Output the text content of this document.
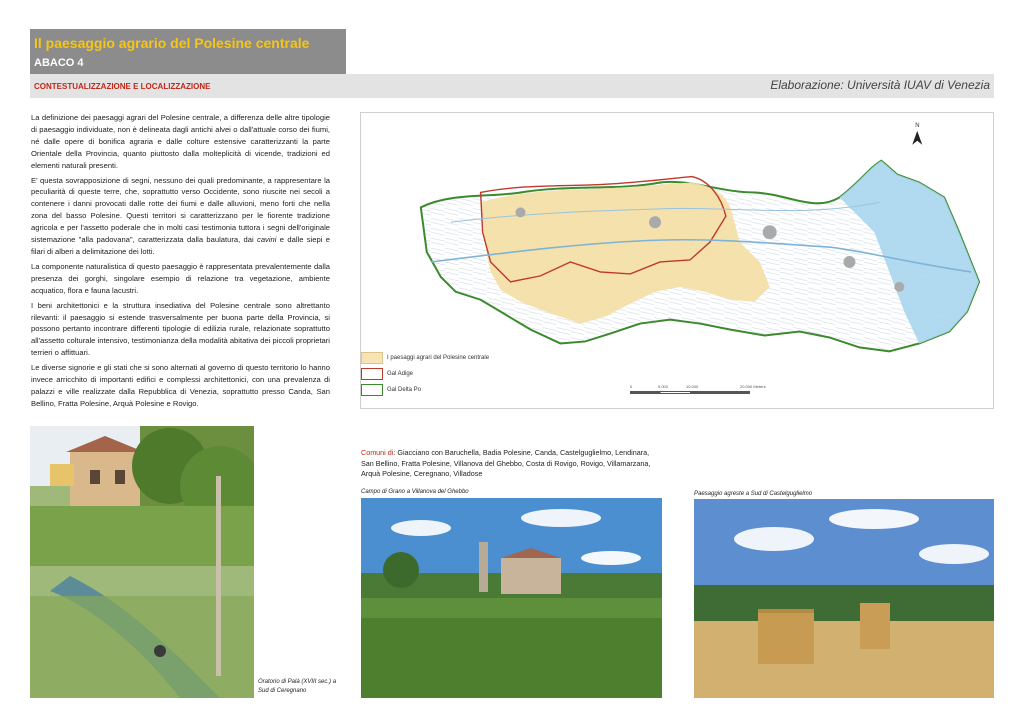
Il paesaggio agrario del Polesine centrale
ABACO 4
CONTESTUALIZZAZIONE E LOCALIZZAZIONE	Elaborazione: Università IUAV di Venezia

La definizione dei paesaggi agrari del Polesine centrale, a differenza delle altre tipologie di paesaggio individuate, non è delineata dagli antichi alvei o dall'attuale corso dei fiumi, né dalle opere di bonifica agraria e dalle colture estensive caratterizzanti la parte Orientale della Provincia, quanto piuttosto dalla molteplicità di vicende, tradizioni ed elementi naturali presenti.

E' questa sovrapposizione di segni, nessuno dei quali predominante, a rappresentare la peculiarità di queste terre, che, soprattutto verso Occidente, sono riuscite nei secoli a contenere i danni provocati dalle rotte dei fiumi e dalle alluvioni, meno forti che nella zona del basso Polesine. Questi territori si caratterizzano per le fiorente tradizione agricola e per l'assetto poderale che in molti casi testimonia tuttora i segni dell'originale sistemazione "alla padovana", caratterizzata dalla baulatura, dai cavini e dalle siepi e filari di alberi a delimitazione dei lotti.

La componente naturalistica di questo paesaggio è rappresentata prevalentemente dalla presenza dei gorghi, singolare esempio di relazione tra vegetazione, ambiente acquatico, flora e fauna lacustri.

I beni architettonici e la struttura insediativa del Polesine centrale sono altrettanto rilevanti: il paesaggio si estende trasversalmente per buona parte della Provincia, si possono pertanto incontrare differenti tipologie di edilizia rurale, relazionate soprattutto all'assetto colturale intensivo, testimonianza della modalità abitativa dei piccoli proprietari terrieri o affittuari.

Le diverse signorie e gli stati che si sono alternati al governo di questo territorio lo hanno invece arricchito di importanti edifici e complessi architettonici, con una prevalenza di palazzi e ville realizzate dalla Repubblica di Venezia, soprattutto presso Canda, San Bellino, Fratta Polesine, Arquà Polesine e Rovigo.

Oratorio di Palà (XVIII sec.) a Sud di Ceregnano
N
I paesaggi agrari del Polesine centrale
Gal Adige
Gal Delta Po
0	5.000	10.000	20.000 Meters
Comuni di: Giacciano con Baruchella, Badia Polesine, Canda, Castelguglielmo, Lendinara, San Bellino, Fratta Polesine, Villanova del Ghebbo, Costa di Rovigo, Rovigo, Villamarzana, Arquà Polesine, Ceregnano, Villadose
Campo di Grano a Villanova del Ghebbo	Paesaggio agreste a Sud di Castelguglielmo
